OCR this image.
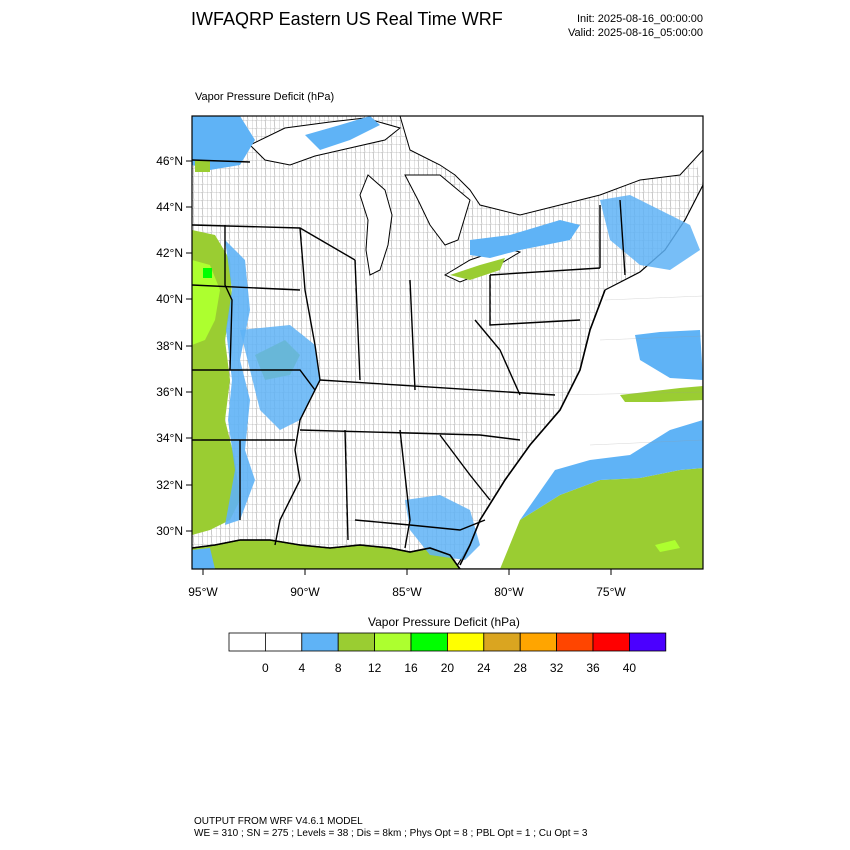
IWFAQRP Eastern US Real Time WRF	Init: 2025-08-16_00:00:00
Valid: 2025-08-16_05:00:00
Vapor Pressure Deficit (hPa)
46°N
44°N
42°N
40°N
38°N
36°N
34°N
32°N
30°N
95°W	90°W	85°W	80°W	75°W
0 4 8 12 16 20 24 28 32 36 40
Vapor Pressure Deficit (hPa)
OUTPUT FROM WRF V4.6.1 MODEL
WE = 310 ; SN = 275 ; Levels = 38 ; Dis = 8km ; Phys Opt = 8 ; PBL Opt = 1 ; Cu Opt = 3
